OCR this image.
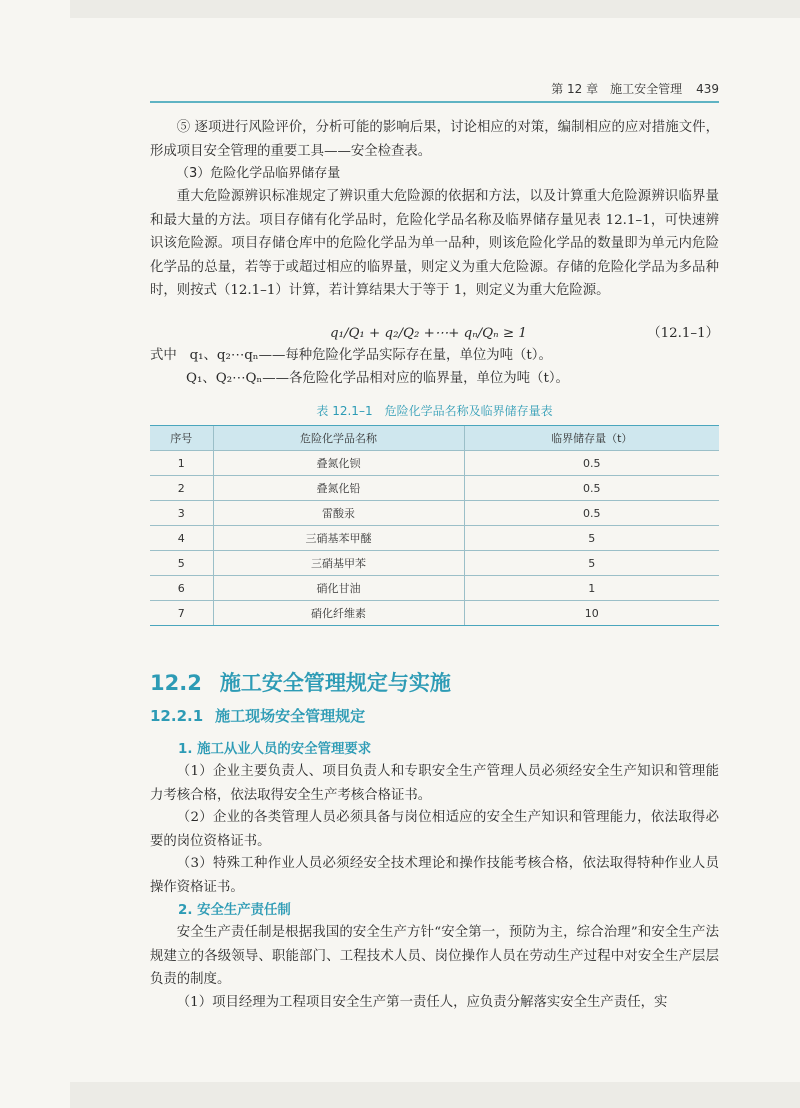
第 12 章　施工安全管理 439

⑤ 逐项进行风险评价，分析可能的影响后果，讨论相应的对策，编制相应的应对措施文件，形成项目安全管理的重要工具——安全检查表。

（3）危险化学品临界储存量

重大危险源辨识标准规定了辨识重大危险源的依据和方法，以及计算重大危险源辨识临界量和最大量的方法。项目存储有化学品时，危险化学品名称及临界储存量见表 12.1–1，可快速辨识该危险源。项目存储仓库中的危险化学品为单一品种，则该危险化学品的数量即为单元内危险化学品的总量，若等于或超过相应的临界量，则定义为重大危险源。存储的危险化学品为多品种时，则按式（12.1–1）计算，若计算结果大于等于 1，则定义为重大危险源。

q₁/Q₁ + q₂/Q₂ +⋯+ qₙ/Qₙ ≥ 1	（12.1–1）

式中 q₁、q₂⋯qₙ——每种危险化学品实际存在量，单位为吨（t）。

Q₁、Q₂⋯Qₙ——各危险化学品相对应的临界量，单位为吨（t）。

表 12.1–1　危险化学品名称及临界储存量表
序号	危险化学品名称	临界储存量（t）
1	叠氮化钡	0.5
2	叠氮化铅	0.5
3	雷酸汞	0.5
4	三硝基苯甲醚	5
5	三硝基甲苯	5
6	硝化甘油	1
7	硝化纤维素	10
12.2 施工安全管理规定与实施
12.2.1 施工现场安全管理规定
1. 施工从业人员的安全管理要求

（1）企业主要负责人、项目负责人和专职安全生产管理人员必须经安全生产知识和管理能力考核合格，依法取得安全生产考核合格证书。

（2）企业的各类管理人员必须具备与岗位相适应的安全生产知识和管理能力，依法取得必要的岗位资格证书。

（3）特殊工种作业人员必须经安全技术理论和操作技能考核合格，依法取得特种作业人员操作资格证书。

2. 安全生产责任制

安全生产责任制是根据我国的安全生产方针“安全第一，预防为主，综合治理”和安全生产法规建立的各级领导、职能部门、工程技术人员、岗位操作人员在劳动生产过程中对安全生产层层负责的制度。

（1）项目经理为工程项目安全生产第一责任人，应负责分解落实安全生产责任，实
